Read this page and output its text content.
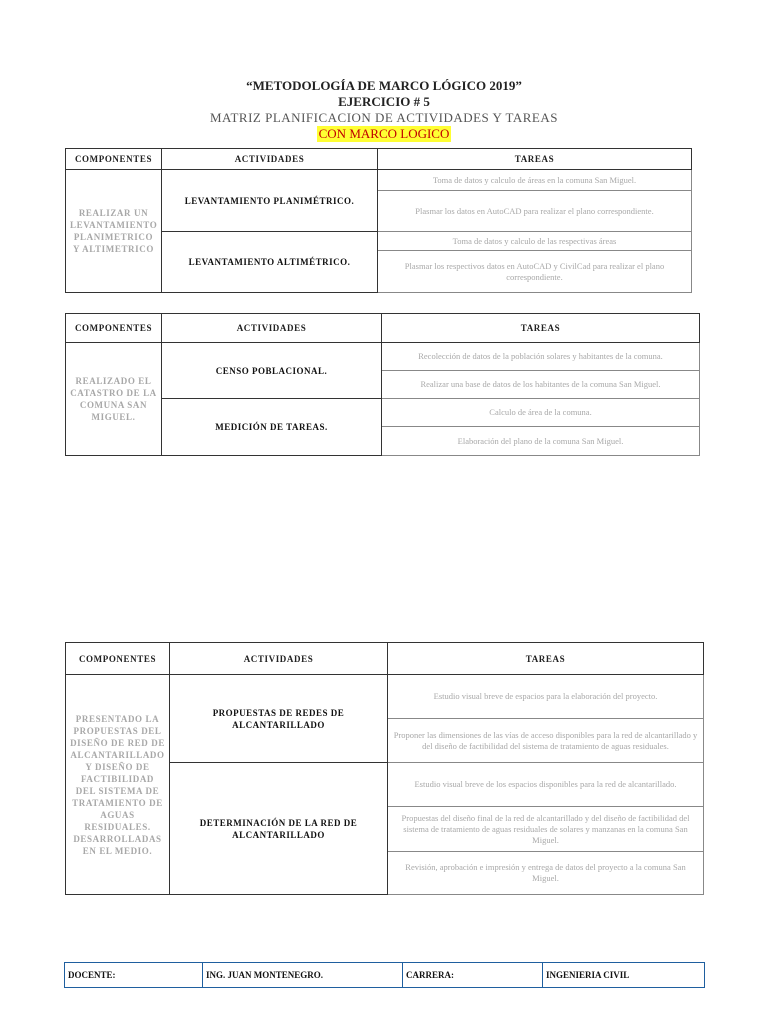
“METODOLOGÍA DE MARCO LÓGICO 2019”
EJERCICIO # 5
MATRIZ PLANIFICACION DE ACTIVIDADES Y TAREAS
CON MARCO LOGICO
COMPONENTES	ACTIVIDADES	TAREAS
REALIZAR UN LEVANTAMIENTO PLANIMETRICO Y ALTIMETRICO	LEVANTAMIENTO PLANIMÉTRICO.	Toma de datos y calculo de áreas en la comuna San Miguel.
		Plasmar los datos en AutoCAD para realizar el plano correspondiente.
	LEVANTAMIENTO ALTIMÉTRICO.	Toma de datos y calculo de las respectivas áreas
		Plasmar los respectivos datos en AutoCAD y CivilCad para realizar el plano correspondiente.
COMPONENTES	ACTIVIDADES	TAREAS
REALIZADO EL CATASTRO DE LA COMUNA SAN MIGUEL.	CENSO POBLACIONAL.	Recolección de datos de la población solares y habitantes de la comuna.
		Realizar una base de datos de los habitantes de la comuna San Miguel.
	MEDICIÓN DE TAREAS.	Calculo de área de la comuna.
		Elaboración del plano de la comuna San Miguel.
COMPONENTES	ACTIVIDADES	TAREAS
PRESENTADO LA PROPUESTAS DEL DISEÑO DE RED DE ALCANTARILLADO Y DISEÑO DE FACTIBILIDAD DEL SISTEMA DE TRATAMIENTO DE AGUAS RESIDUALES. DESARROLLADAS EN EL MEDIO.	PROPUESTAS DE REDES DE ALCANTARILLADO	Estudio visual breve de espacios para la elaboración del proyecto.
		Proponer las dimensiones de las vías de acceso disponibles para la red de alcantarillado y del diseño de factibilidad del sistema de tratamiento de aguas residuales.
	DETERMINACIÓN DE LA RED DE ALCANTARILLADO	Estudio visual breve de los espacios disponibles para la red de alcantarillado.
		Propuestas del diseño final de la red de alcantarillado y del diseño de factibilidad del sistema de tratamiento de aguas residuales de solares y manzanas en la comuna San Miguel.
		Revisión, aprobación e impresión y entrega de datos del proyecto a la comuna San Miguel.
DOCENTE:	ING. JUAN MONTENEGRO.	CARRERA:	INGENIERIA CIVIL
